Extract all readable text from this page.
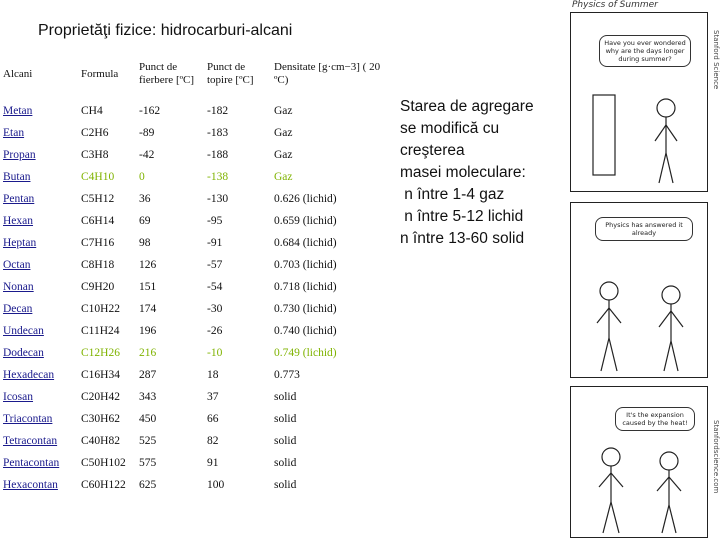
Proprietăţi fizice: hidrocarburi-alcani
Alcani	Formula	Punct de fierbere [ºC]	Punct de topire [ºC]	Densitate [g·cm−3] ( 20 ºC)
Metan	CH4	-162	-182	Gaz
Etan	C2H6	-89	-183	Gaz
Propan	C3H8	-42	-188	Gaz
Butan	C4H10	0	-138	Gaz
Pentan	C5H12	36	-130	0.626 (lichid)
Hexan	C6H14	69	-95	0.659 (lichid)
Heptan	C7H16	98	-91	0.684 (lichid)
Octan	C8H18	126	-57	0.703 (lichid)
Nonan	C9H20	151	-54	0.718 (lichid)
Decan	C10H22	174	-30	0.730 (lichid)
Undecan	C11H24	196	-26	0.740 (lichid)
Dodecan	C12H26	216	-10	0.749 (lichid)
Hexadecan	C16H34	287	18	0.773
Icosan	C20H42	343	37	solid
Triacontan	C30H62	450	66	solid
Tetracontan	C40H82	525	82	solid
Pentacontan	C50H102	575	91	solid
Hexacontan	C60H122	625	100	solid
Starea de agregare
se modifică cu
creşterea
masei moleculare:
n între 1-4 gaz
n între 5-12 lichid
n între 13-60 solid
Physics of Summer
Stanford Science
Stanfordscience.com
Have you ever wondered why are the days longer during summer?
Physics has answered it already
It's the expansion caused by the heat!
